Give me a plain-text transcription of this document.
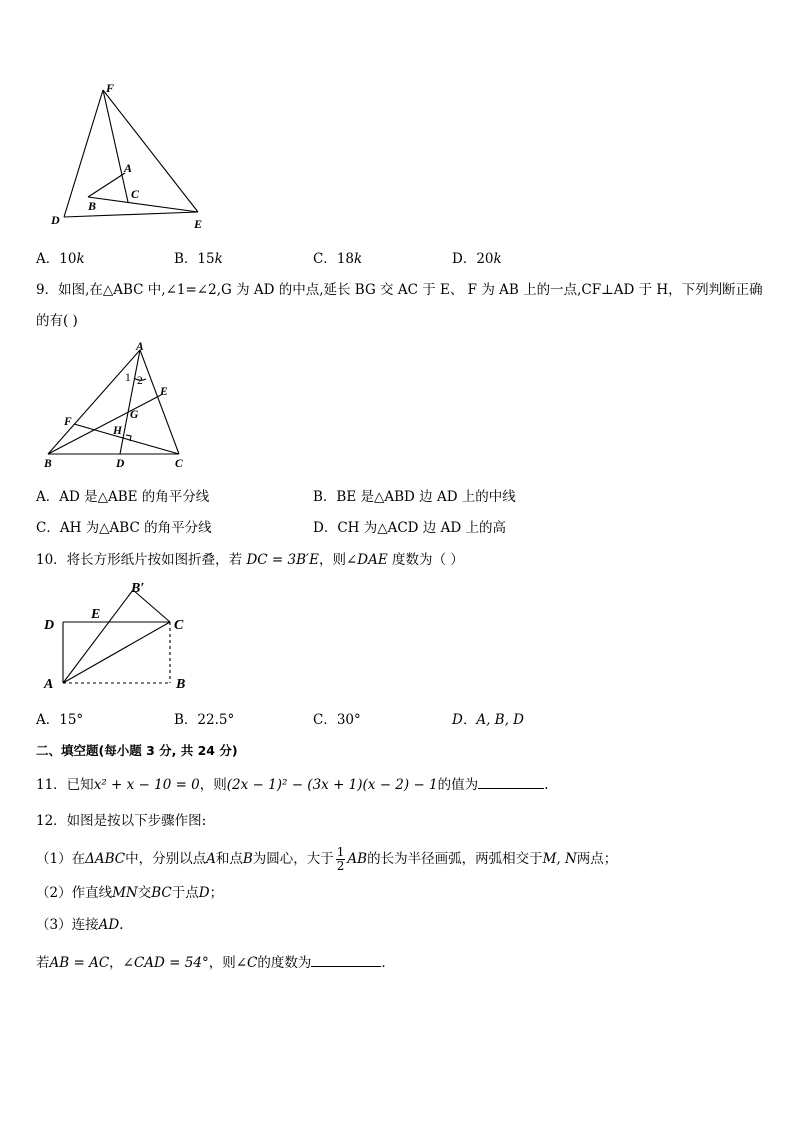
F
A
C
B
D	E
A．10k	B．15k	C．18k	D．20k
9．如图,在△ABC 中,∠1=∠2,G 为 AD 的中点,延长 BG 交 AC 于 E、 F 为 AB 上的一点,CF⊥AD 于 H，下列判断正确
的有( )
A
1 2
E
F
G
H
B	D	C
A．AD 是△ABE 的角平分线	B．BE 是△ABD 边 AD 上的中线
C．AH 为△ABC 的角平分线	D．CH 为△ACD 边 AD 上的高
10．将长方形纸片按如图折叠，若 DC = 3B′E，则∠DAE 度数为（ ）
B′
E
D	C
A	B
A．15°	B．22.5°	C．30°	D．A, B, D
二、填空题(每小题 3 分, 共 24 分)
11．已知x² + x − 10 = 0，则(2x − 1)² − (3x + 1)(x − 2) − 1的值为	.
12．如图是按以下步骤作图:
（1）在ΔABC中，分别以点A和点B为圆心，大于 $\frac{1}{2}$ AB的长为半径画弧，两弧相交于M, N两点；
（2）作直线MN交BC于点D；
（3）连接AD.
若AB = AC，∠CAD = 54°，则∠C的度数为	.
